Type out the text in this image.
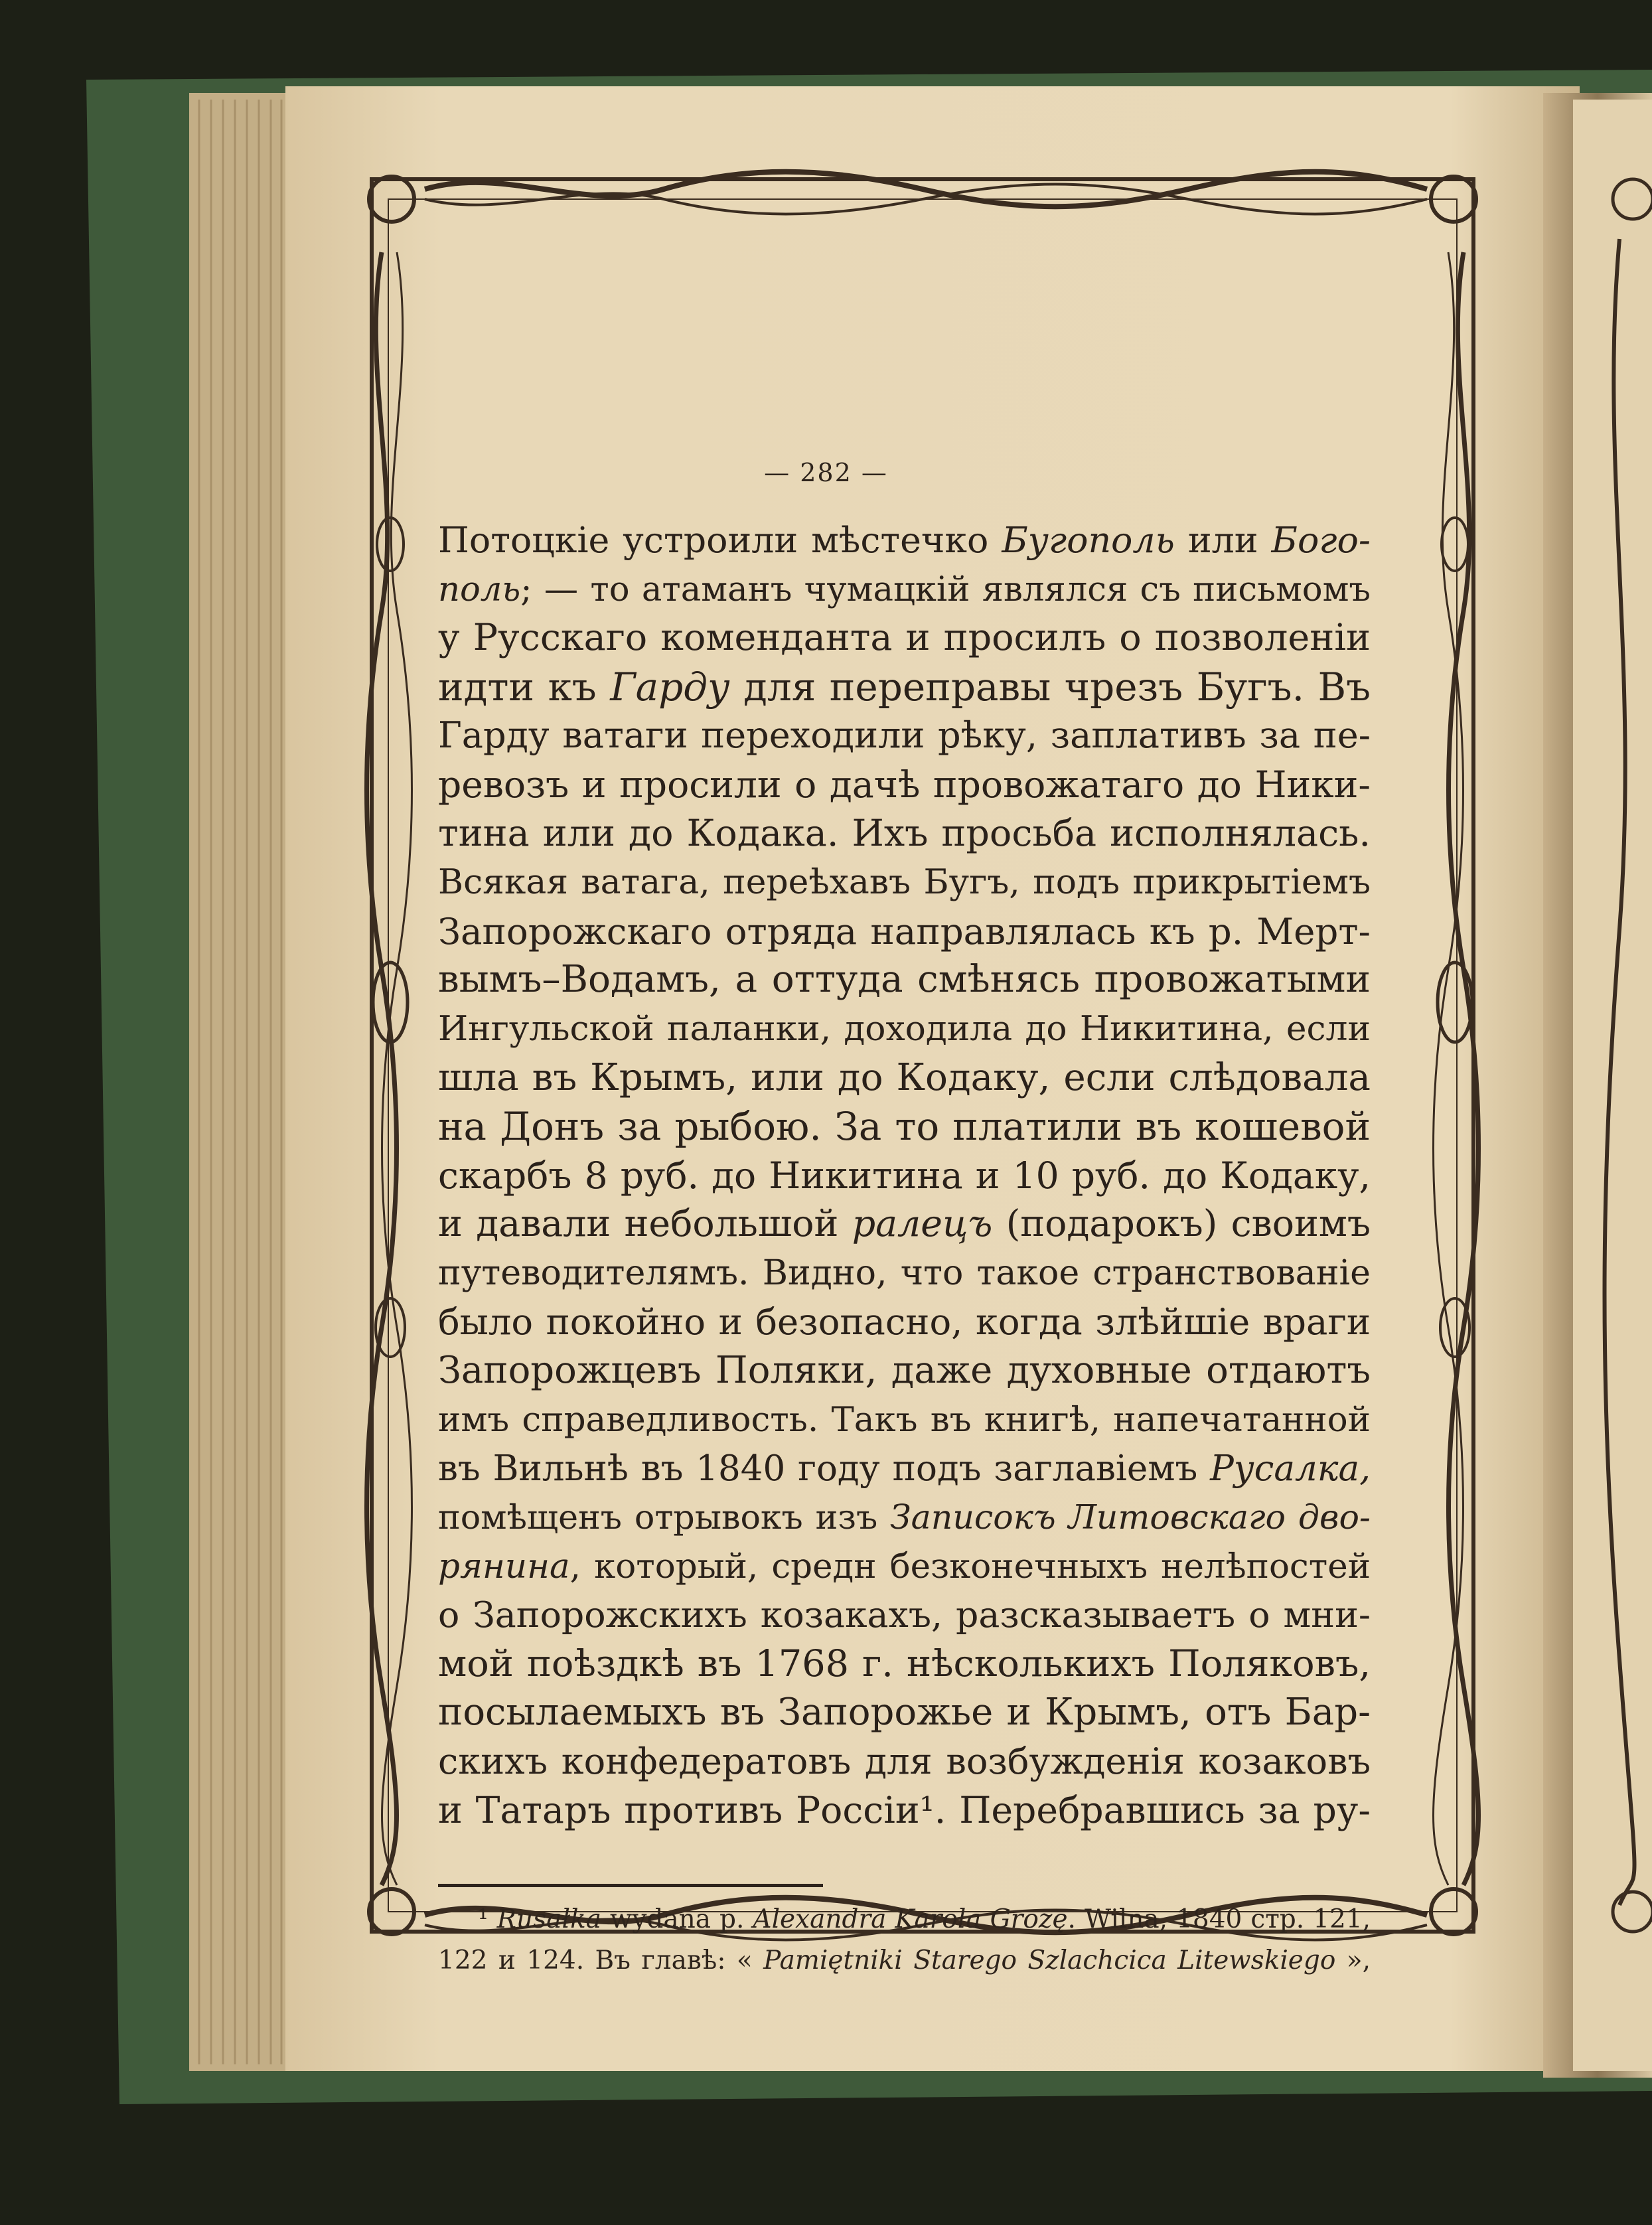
— 282 —
Потоцкіе устроили мѣстечко Бугополь или Бого-
поль; — то атаманъ чумацкій являлся съ письмомъ
у Русскаго коменданта и просилъ о позволеніи
идти къ Гарду для переправы чрезъ Бугъ. Въ
Гарду ватаги переходили рѣку, заплативъ за пе-
ревозъ и просили о дачѣ провожатаго до Ники-
тина или до Кодака. Ихъ просьба исполнялась.
Всякая ватага, переѣхавъ Бугъ, подъ прикрытіемъ
Запорожскаго отряда направлялась къ р. Мерт-
вымъ–Водамъ, а оттуда смѣнясь провожатыми
Ингульской паланки, доходила до Никитина, если
шла въ Крымъ, или до Кодаку, если слѣдовала
на Донъ за рыбою. За то платили въ кошевой
скарбъ 8 руб. до Никитина и 10 руб. до Кодаку,
и давали небольшой ралецъ (подарокъ) своимъ
путеводителямъ. Видно, что такое странствованіе
было покойно и безопасно, когда злѣйшіе враги
Запорожцевъ Поляки, даже духовные отдаютъ
имъ справедливость. Такъ въ книгѣ, напечатанной
въ Вильнѣ въ 1840 году подъ заглавіемъ Русалка,
помѣщенъ отрывокъ изъ Записокъ Литовскаго дво-
рянина, который, средн безконечныхъ нелѣпостей
о Запорожскихъ козакахъ, разсказываетъ о мни-
мой поѣздкѣ въ 1768 г. нѣсколькихъ Поляковъ,
посылаемыхъ въ Запорожье и Крымъ, отъ Бар-
скихъ конфедератовъ для возбужденія козаковъ
и Татаръ противъ Россіи¹. Перебравшись за ру-
¹ Rusałka wydana p. Alexandra Karola Grozę. Wilna, 1840 стр. 121,
122 и 124. Въ главѣ: « Pamiętniki Starego Szlachcica Litewskiego »,
